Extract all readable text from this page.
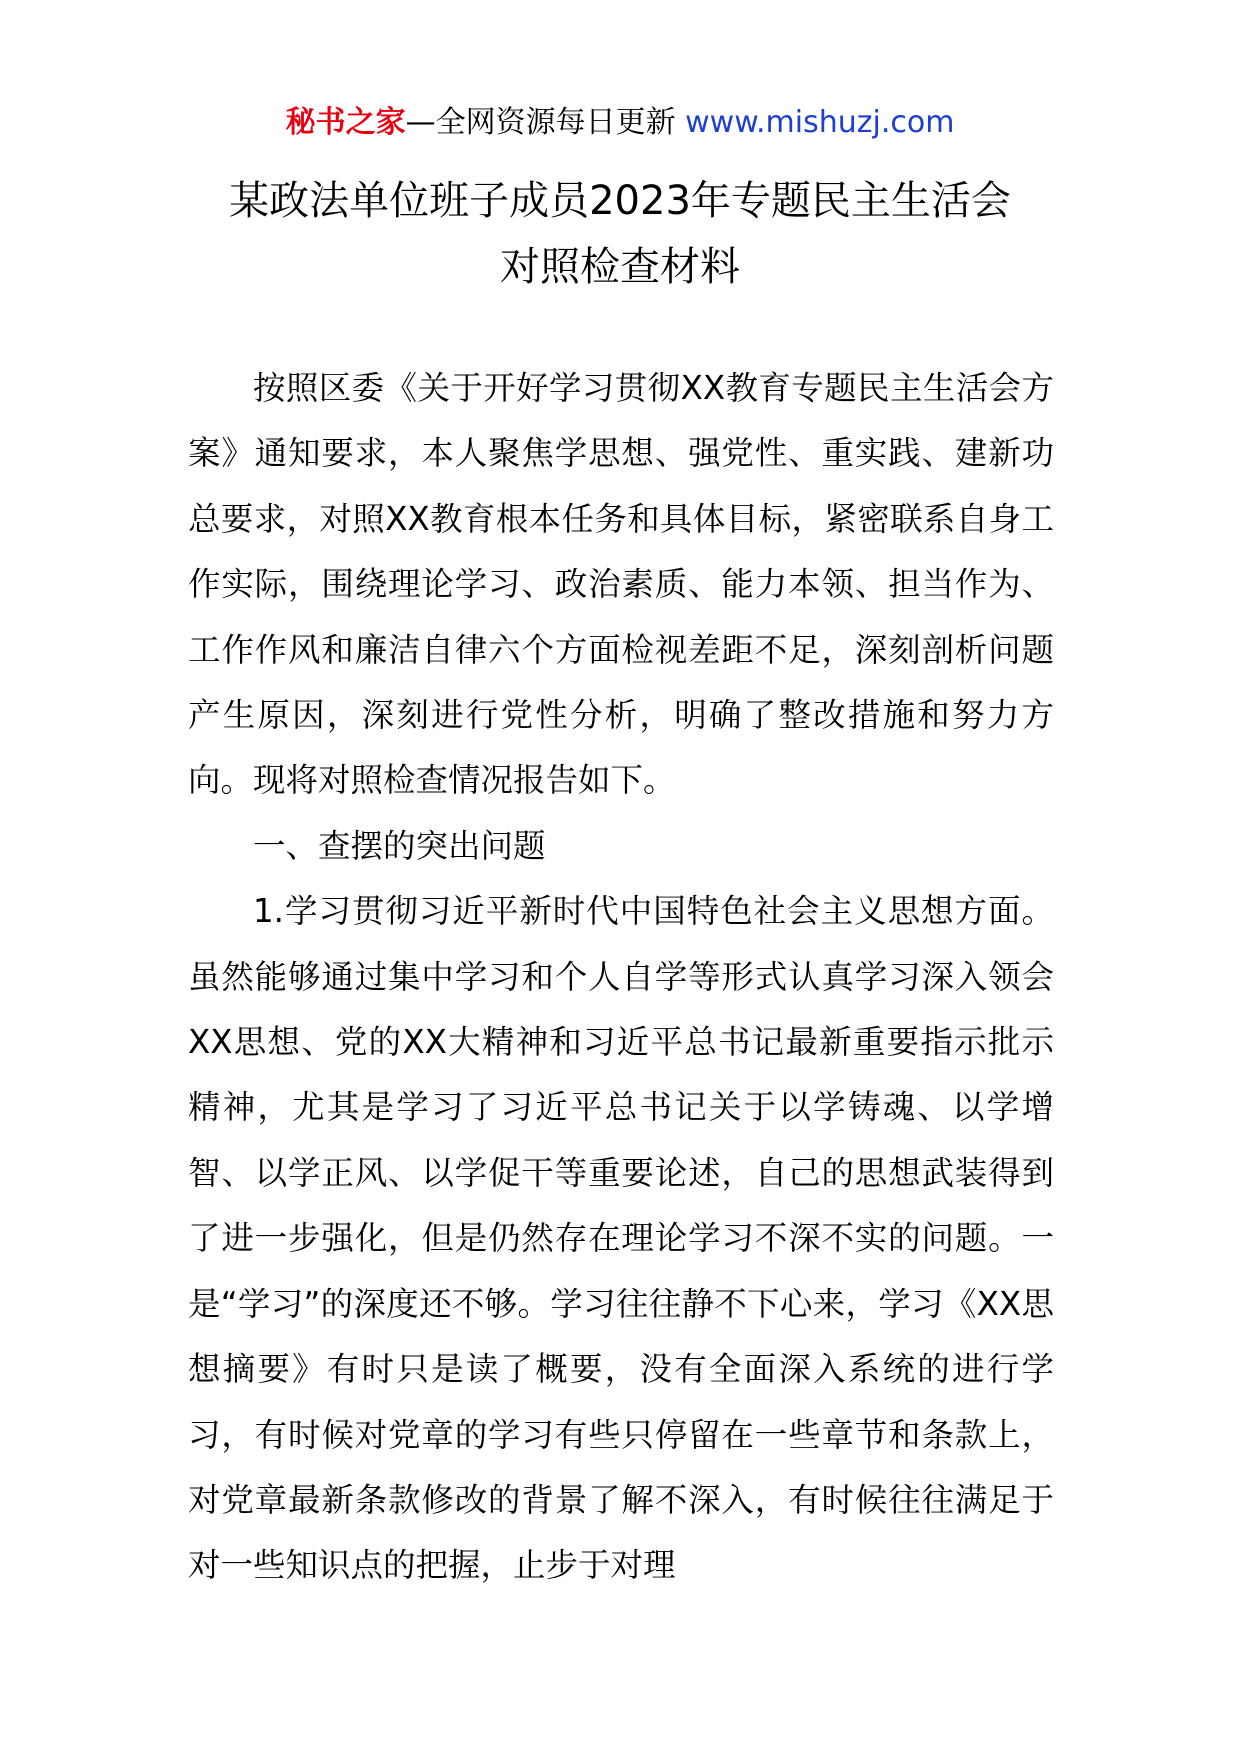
秘书之家—全网资源每日更新 www.mishuzj.com
某政法单位班子成员2023年专题民主生活会
对照检查材料

按照区委《关于开好学习贯彻XX教育专题民主生活会方案》通知要求，本人聚焦学思想、强党性、重实践、建新功总要求，对照XX教育根本任务和具体目标，紧密联系自身工作实际，围绕理论学习、政治素质、能力本领、担当作为、工作作风和廉洁自律六个方面检视差距不足，深刻剖析问题产生原因，深刻进行党性分析，明确了整改措施和努力方向。现将对照检查情况报告如下。

一、查摆的突出问题

1.学习贯彻习近平新时代中国特色社会主义思想方面。虽然能够通过集中学习和个人自学等形式认真学习深入领会XX思想、党的XX大精神和习近平总书记最新重要指示批示精神，尤其是学习了习近平总书记关于以学铸魂、以学增智、以学正风、以学促干等重要论述，自己的思想武装得到了进一步强化，但是仍然存在理论学习不深不实的问题。一是“学习”的深度还不够。学习往往静不下心来，学习《XX思想摘要》有时只是读了概要，没有全面深入系统的进行学习，有时候对党章的学习有些只停留在一些章节和条款上，对党章最新条款修改的背景了解不深入，有时候往往满足于对一些知识点的把握，止步于对理
